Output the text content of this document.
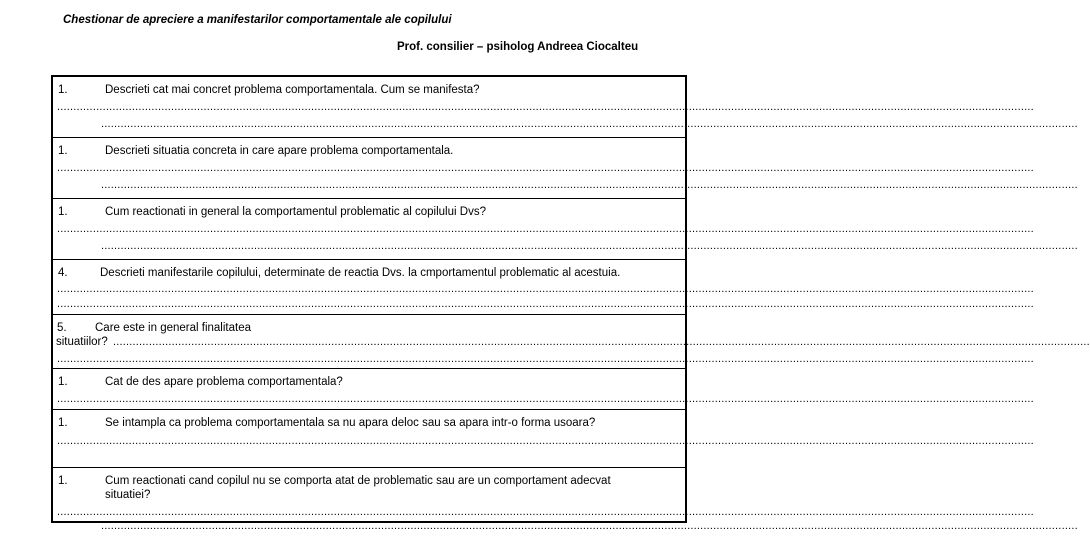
Chestionar de apreciere a manifestarilor comportamentale ale copilului
Prof. consilier – psiholog Andreea Ciocalteu
1.	Descrieti cat mai concret problema comportamentala. Cum se manifesta?
............................................................................................................................................................................................................................................................................................................
............................................................................................................................................................................................................................................................................................................
1.	Descrieti situatia concreta in care apare problema comportamentala.
............................................................................................................................................................................................................................................................................................................
............................................................................................................................................................................................................................................................................................................
1.	Cum reactionati in general la comportamentul problematic al copilului Dvs?
............................................................................................................................................................................................................................................................................................................
............................................................................................................................................................................................................................................................................................................
4.	Descrieti manifestarile copilului, determinate de reactia Dvs. la cmportamentul problematic al acestuia.
............................................................................................................................................................................................................................................................................................................
............................................................................................................................................................................................................................................................................................................
5. Care este in general finalitatea
situatiilor? ............................................................................................................................................................................................................................................................................................................
............................................................................................................................................................................................................................................................................................................
1.	Cat de des apare problema comportamentala?
............................................................................................................................................................................................................................................................................................................
1.	Se intampla ca problema comportamentala sa nu apara deloc sau sa apara intr-o forma usoara?
............................................................................................................................................................................................................................................................................................................
1.	Cum reactionati cand copilul nu se comporta atat de problematic sau are un comportament adecvat
situatiei?
............................................................................................................................................................................................................................................................................................................
............................................................................................................................................................................................................................................................................................................
